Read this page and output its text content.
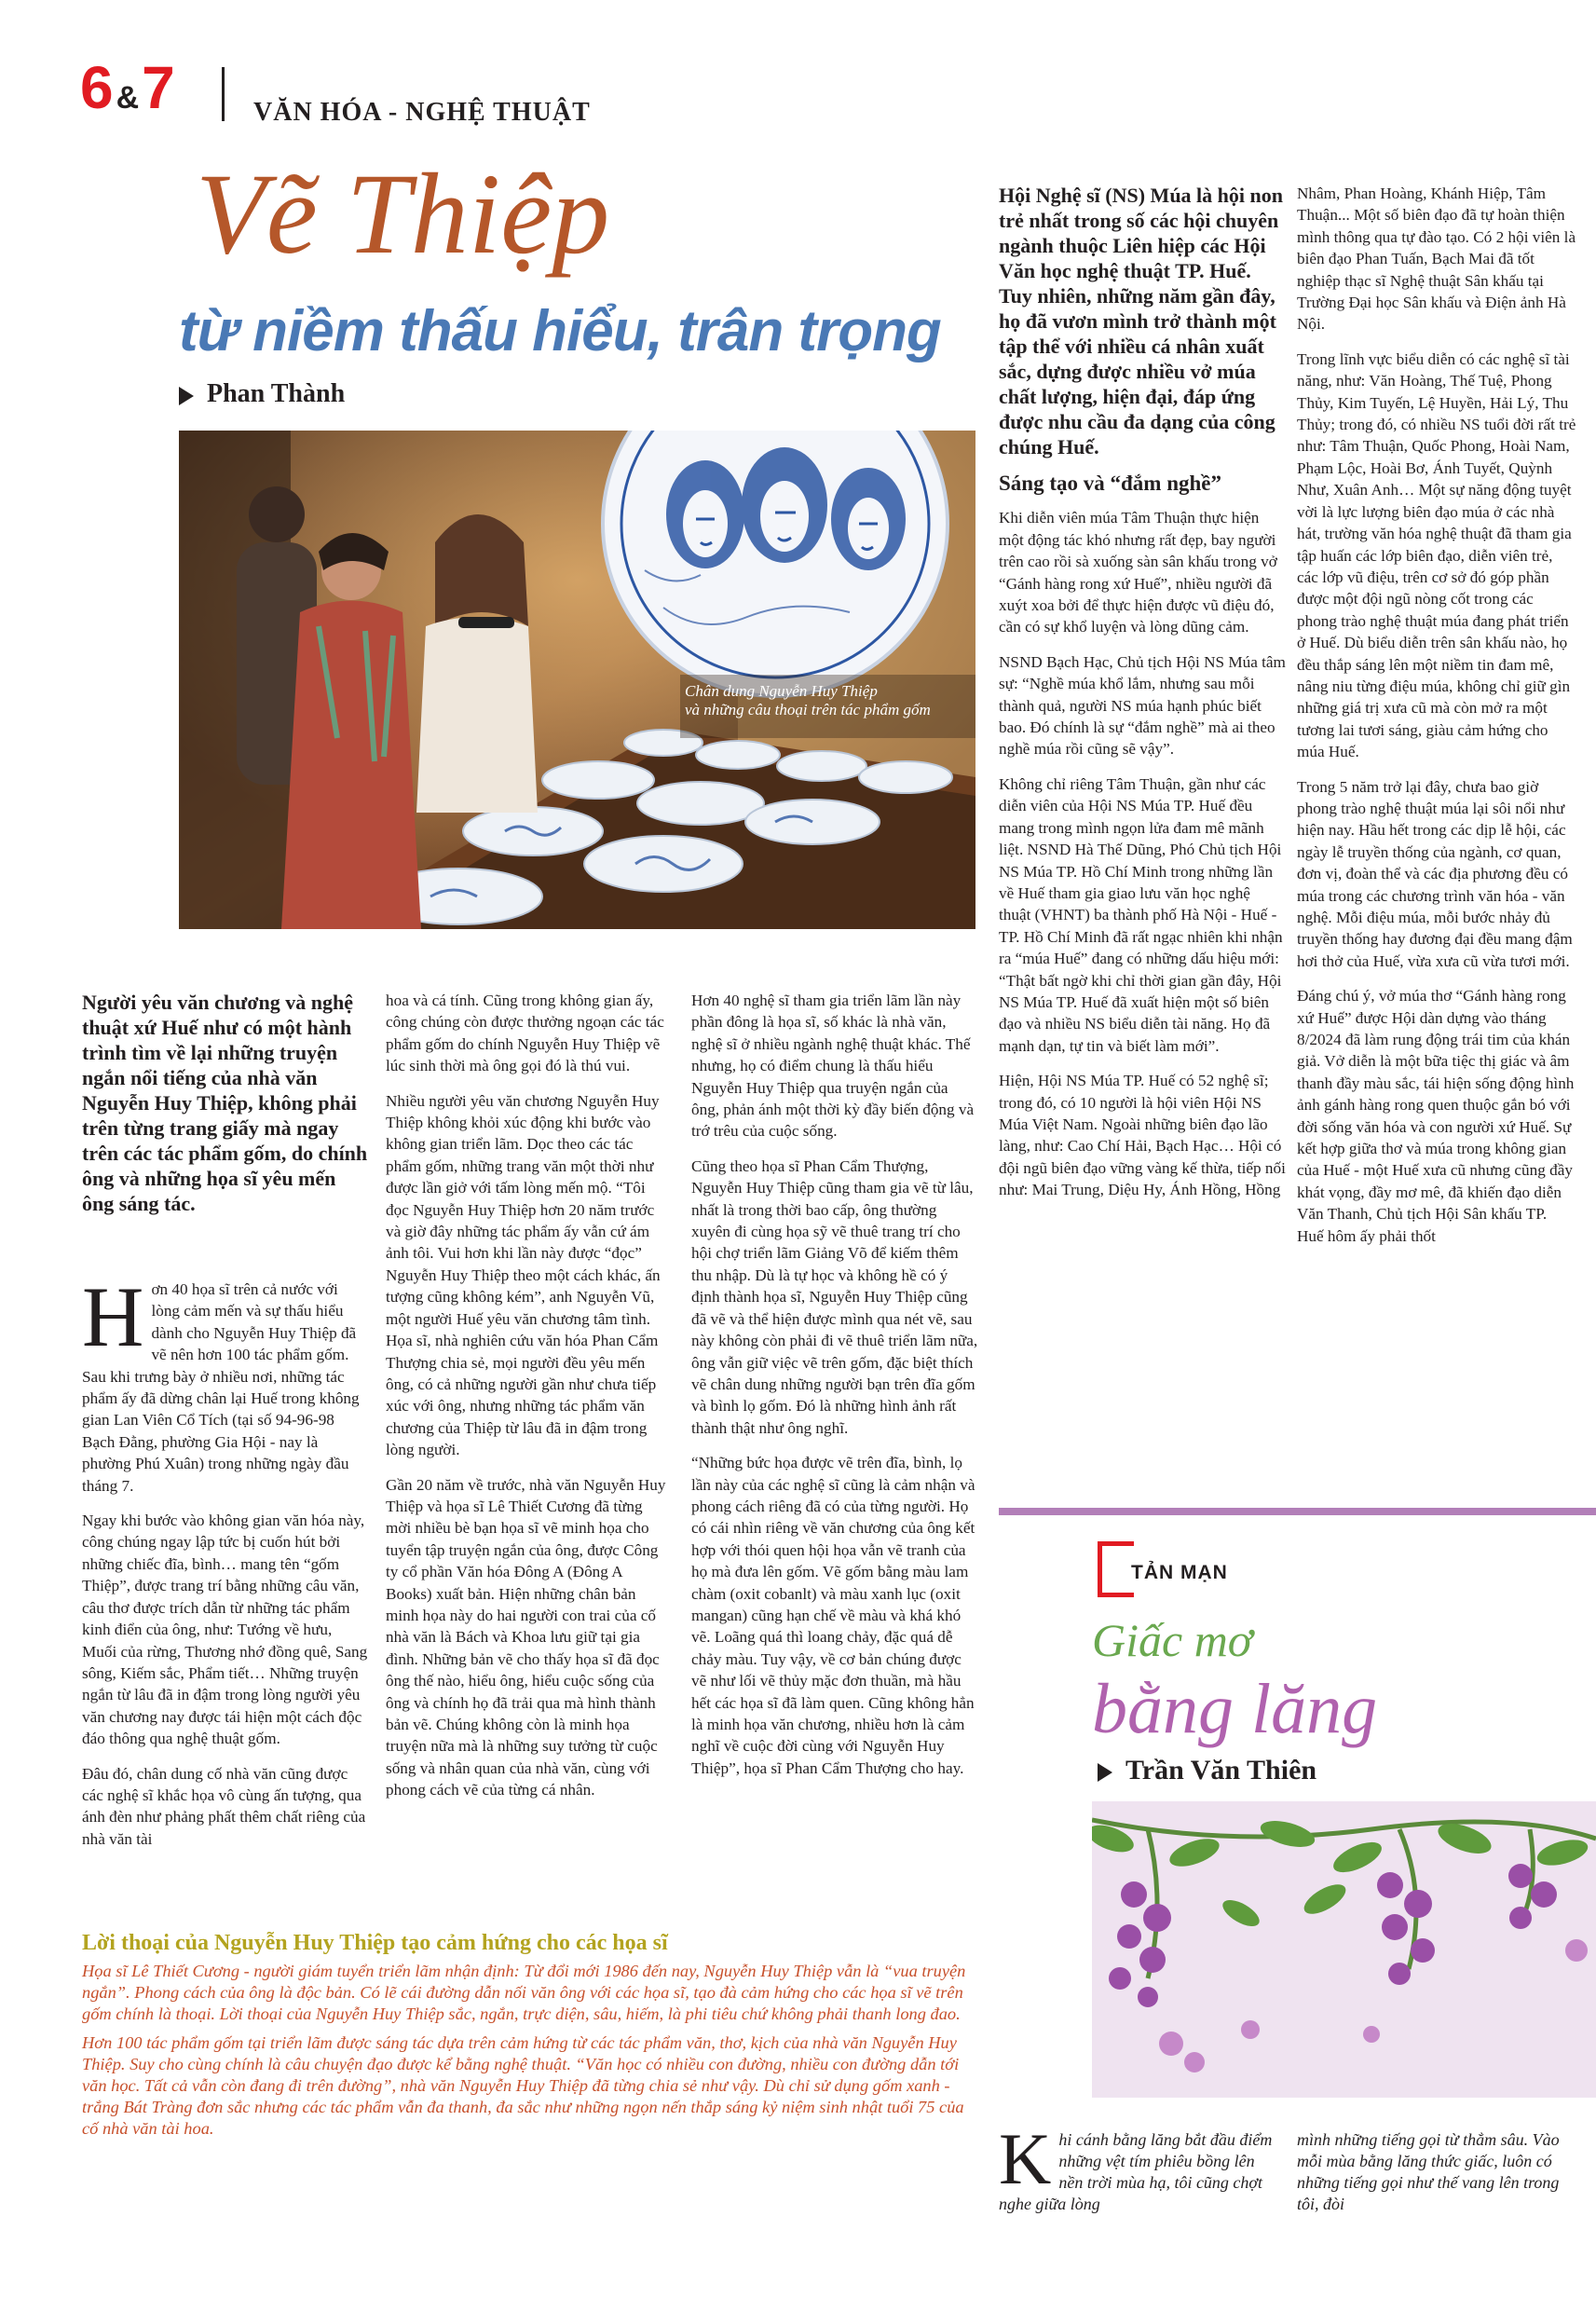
6 &7	VĂN HÓA - NGHỆ THUẬT
Vẽ Thiệp
từ niềm thấu hiểu, trân trọng
Phan Thành
Chân dung Nguyễn Huy Thiệp
và những câu thoại trên tác phẩm gốm
Người yêu văn chương và nghệ thuật xứ Huế như có một hành trình tìm về lại những truyện ngắn nổi tiếng của nhà văn Nguyễn Huy Thiệp, không phải trên từng trang giấy mà ngay trên các tác phẩm gốm, do chính ông và những họa sĩ yêu mến ông sáng tác.

Hơn 40 họa sĩ trên cả nước với lòng cảm mến và sự thấu hiểu dành cho Nguyễn Huy Thiệp đã vẽ nên hơn 100 tác phẩm gốm. Sau khi trưng bày ở nhiều nơi, những tác phẩm ấy đã dừng chân lại Huế trong không gian Lan Viên Cổ Tích (tại số 94-96-98 Bạch Đằng, phường Gia Hội - nay là phường Phú Xuân) trong những ngày đầu tháng 7.

Ngay khi bước vào không gian văn hóa này, công chúng ngay lập tức bị cuốn hút bởi những chiếc đĩa, bình… mang tên “gốm Thiệp”, được trang trí bằng những câu văn, câu thơ được trích dẫn từ những tác phẩm kinh điển của ông, như: Tướng về hưu, Muối của rừng, Thương nhớ đồng quê, Sang sông, Kiếm sắc, Phẩm tiết… Những truyện ngắn từ lâu đã in đậm trong lòng người yêu văn chương nay được tái hiện một cách độc đáo thông qua nghệ thuật gốm.

Đâu đó, chân dung cố nhà văn cũng được các nghệ sĩ khắc họa vô cùng ấn tượng, qua ánh đèn như phảng phất thêm chất riêng của nhà văn tài

hoa và cá tính. Cũng trong không gian ấy, công chúng còn được thưởng ngoạn các tác phẩm gốm do chính Nguyễn Huy Thiệp vẽ lúc sinh thời mà ông gọi đó là thú vui.

Nhiều người yêu văn chương Nguyễn Huy Thiệp không khỏi xúc động khi bước vào không gian triển lãm. Dọc theo các tác phẩm gốm, những trang văn một thời như được lần giở với tấm lòng mến mộ. “Tôi đọc Nguyễn Huy Thiệp hơn 20 năm trước và giờ đây những tác phẩm ấy vẫn cứ ám ảnh tôi. Vui hơn khi lần này được “đọc” Nguyễn Huy Thiệp theo một cách khác, ấn tượng cũng không kém”, anh Nguyễn Vũ, một người Huế yêu văn chương tâm tình. Họa sĩ, nhà nghiên cứu văn hóa Phan Cẩm Thượng chia sẻ, mọi người đều yêu mến ông, có cả những người gần như chưa tiếp xúc với ông, nhưng những tác phẩm văn chương của Thiệp từ lâu đã in đậm trong lòng người.

Gần 20 năm về trước, nhà văn Nguyễn Huy Thiệp và họa sĩ Lê Thiết Cương đã từng mời nhiều bè bạn họa sĩ vẽ minh họa cho tuyển tập truyện ngắn của ông, được Công ty cổ phần Văn hóa Đông A (Đông A Books) xuất bản. Hiện những chân bản minh họa này do hai người con trai của cố nhà văn là Bách và Khoa lưu giữ tại gia đình. Những bản vẽ cho thấy họa sĩ đã đọc ông thế nào, hiểu ông, hiểu cuộc sống của ông và chính họ đã trải qua mà hình thành bản vẽ. Chúng không còn là minh họa truyện nữa mà là những suy tưởng từ cuộc sống và nhân quan của nhà văn, cùng với phong cách vẽ của từng cá nhân.

Hơn 40 nghệ sĩ tham gia triển lãm lần này phần đông là họa sĩ, số khác là nhà văn, nghệ sĩ ở nhiều ngành nghệ thuật khác. Thế nhưng, họ có điểm chung là thấu hiểu Nguyễn Huy Thiệp qua truyện ngắn của ông, phản ánh một thời kỳ đầy biến động và trớ trêu của cuộc sống.

Cũng theo họa sĩ Phan Cẩm Thượng, Nguyễn Huy Thiệp cũng tham gia vẽ từ lâu, nhất là trong thời bao cấp, ông thường xuyên đi cùng họa sỹ vẽ thuê trang trí cho hội chợ triển lãm Giảng Võ để kiếm thêm thu nhập. Dù là tự học và không hề có ý định thành họa sĩ, Nguyễn Huy Thiệp cũng đã vẽ và thể hiện được mình qua nét vẽ, sau này không còn phải đi vẽ thuê triển lãm nữa, ông vẫn giữ việc vẽ trên gốm, đặc biệt thích vẽ chân dung những người bạn trên đĩa gốm và bình lọ gốm. Đó là những hình ảnh rất thành thật như ông nghĩ.

“Những bức họa được vẽ trên đĩa, bình, lọ lần này của các nghệ sĩ cũng là cảm nhận và phong cách riêng đã có của từng người. Họ có cái nhìn riêng về văn chương của ông kết hợp với thói quen hội họa vẫn vẽ tranh của họ mà đưa lên gốm. Vẽ gốm bằng màu lam chàm (oxit cobanlt) và màu xanh lục (oxit mangan) cũng hạn chế về màu và khá khó vẽ. Loãng quá thì loang chảy, đặc quá dễ chảy màu. Tuy vậy, về cơ bản chúng được vẽ như lối vẽ thủy mặc đơn thuần, mà hầu hết các họa sĩ đã làm quen. Cũng không hẳn là minh họa văn chương, nhiều hơn là cảm nghĩ về cuộc đời cùng với Nguyễn Huy Thiệp”, họa sĩ Phan Cẩm Thượng cho hay.

Lời thoại của Nguyễn Huy Thiệp tạo cảm hứng cho các họa sĩ

Họa sĩ Lê Thiết Cương - người giám tuyển triển lãm nhận định: Từ đổi mới 1986 đến nay, Nguyễn Huy Thiệp vẫn là “vua truyện ngắn”. Phong cách của ông là độc bản. Có lẽ cái đường dẫn nối văn ông với các họa sĩ, tạo đà cảm hứng cho các họa sĩ vẽ trên gốm chính là thoại. Lời thoại của Nguyễn Huy Thiệp sắc, ngắn, trực diện, sâu, hiếm, là phi tiêu chứ không phải thanh long đao.

Hơn 100 tác phẩm gốm tại triển lãm được sáng tác dựa trên cảm hứng từ các tác phẩm văn, thơ, kịch của nhà văn Nguyễn Huy Thiệp. Suy cho cùng chính là câu chuyện đạo được kể bằng nghệ thuật. “Văn học có nhiều con đường, nhiều con đường dẫn tới văn học. Tất cả vẫn còn đang đi trên đường”, nhà văn Nguyễn Huy Thiệp đã từng chia sẻ như vậy. Dù chỉ sử dụng gốm xanh - trắng Bát Tràng đơn sắc nhưng các tác phẩm vẫn đa thanh, đa sắc như những ngọn nến thắp sáng kỷ niệm sinh nhật tuổi 75 của cố nhà văn tài hoa.

Hội Nghệ sĩ (NS) Múa là hội non trẻ nhất trong số các hội chuyên ngành thuộc Liên hiệp các Hội Văn học nghệ thuật TP. Huế. Tuy nhiên, những năm gần đây, họ đã vươn mình trở thành một tập thể với nhiều cá nhân xuất sắc, dựng được nhiều vở múa chất lượng, hiện đại, đáp ứng được nhu cầu đa dạng của công chúng Huế.

Sáng tạo và “đắm nghề”

Khi diễn viên múa Tâm Thuận thực hiện một động tác khó nhưng rất đẹp, bay người trên cao rồi sà xuống sàn sân khấu trong vở “Gánh hàng rong xứ Huế”, nhiều người đã xuýt xoa bởi để thực hiện được vũ điệu đó, cần có sự khổ luyện và lòng dũng cảm.

NSND Bạch Hạc, Chủ tịch Hội NS Múa tâm sự: “Nghề múa khổ lắm, nhưng sau mỗi thành quả, người NS múa hạnh phúc biết bao. Đó chính là sự “đắm nghề” mà ai theo nghề múa rồi cũng sẽ vậy”.

Không chỉ riêng Tâm Thuận, gần như các diễn viên của Hội NS Múa TP. Huế đều mang trong mình ngọn lửa đam mê mãnh liệt. NSND Hà Thế Dũng, Phó Chủ tịch Hội NS Múa TP. Hồ Chí Minh trong những lần về Huế tham gia giao lưu văn học nghệ thuật (VHNT) ba thành phố Hà Nội - Huế - TP. Hồ Chí Minh đã rất ngạc nhiên khi nhận ra “múa Huế” đang có những dấu hiệu mới: “Thật bất ngờ khi chỉ thời gian gần đây, Hội NS Múa TP. Huế đã xuất hiện một số biên đạo và nhiều NS biểu diễn tài năng. Họ đã mạnh dạn, tự tin và biết làm mới”.

Hiện, Hội NS Múa TP. Huế có 52 nghệ sĩ; trong đó, có 10 người là hội viên Hội NS Múa Việt Nam. Ngoài những biên đạo lão làng, như: Cao Chí Hải, Bạch Hạc… Hội có đội ngũ biên đạo vững vàng kế thừa, tiếp nối như: Mai Trung, Diệu Hy, Ánh Hồng, Hồng

Nhâm, Phan Hoàng, Khánh Hiệp, Tâm Thuận... Một số biên đạo đã tự hoàn thiện mình thông qua tự đào tạo. Có 2 hội viên là biên đạo Phan Tuấn, Bạch Mai đã tốt nghiệp thạc sĩ Nghệ thuật Sân khấu tại Trường Đại học Sân khấu và Điện ảnh Hà Nội.

Trong lĩnh vực biểu diễn có các nghệ sĩ tài năng, như: Văn Hoàng, Thế Tuệ, Phong Thủy, Kim Tuyến, Lệ Huyền, Hải Lý, Thu Thủy; trong đó, có nhiều NS tuổi đời rất trẻ như: Tâm Thuận, Quốc Phong, Hoài Nam, Phạm Lộc, Hoài Bơ, Ánh Tuyết, Quỳnh Như, Xuân Anh… Một sự năng động tuyệt vời là lực lượng biên đạo múa ở các nhà hát, trường văn hóa nghệ thuật đã tham gia tập huấn các lớp biên đạo, diễn viên trẻ, các lớp vũ điệu, trên cơ sở đó góp phần được một đội ngũ nòng cốt trong các phong trào nghệ thuật múa đang phát triển ở Huế. Dù biểu diễn trên sân khấu nào, họ đều thắp sáng lên một niềm tin đam mê, nâng niu từng điệu múa, không chỉ giữ gìn những giá trị xưa cũ mà còn mở ra một tương lai tươi sáng, giàu cảm hứng cho múa Huế.

Trong 5 năm trở lại đây, chưa bao giờ phong trào nghệ thuật múa lại sôi nổi như hiện nay. Hầu hết trong các dịp lễ hội, các ngày lễ truyền thống của ngành, cơ quan, đơn vị, đoàn thể và các địa phương đều có múa trong các chương trình văn hóa - văn nghệ. Mỗi điệu múa, mỗi bước nhảy đủ truyền thống hay đương đại đều mang đậm hơi thở của Huế, vừa xưa cũ vừa tươi mới.

Đáng chú ý, vở múa thơ “Gánh hàng rong xứ Huế” được Hội dàn dựng vào tháng 8/2024 đã làm rung động trái tim của khán giả. Vở diễn là một bữa tiệc thị giác và âm thanh đầy màu sắc, tái hiện sống động hình ảnh gánh hàng rong quen thuộc gắn bó với đời sống văn hóa và con người xứ Huế. Sự kết hợp giữa thơ và múa trong không gian của Huế - một Huế xưa cũ nhưng cũng đầy khát vọng, đầy mơ mê, đã khiến đạo diễn Văn Thanh, Chủ tịch Hội Sân khấu TP. Huế hôm ấy phải thốt

TẢN MẠN
Giấc mơ
bằng lăng
Trần Văn Thiên
Khi cánh bằng lăng bắt đầu điểm những vệt tím phiêu bồng lên nền trời mùa hạ, tôi cũng chợt nghe giữa lòng
mình những tiếng gọi từ thẳm sâu. Vào mỗi mùa bằng lăng thức giấc, luôn có những tiếng gọi như thế vang lên trong tôi, đòi
